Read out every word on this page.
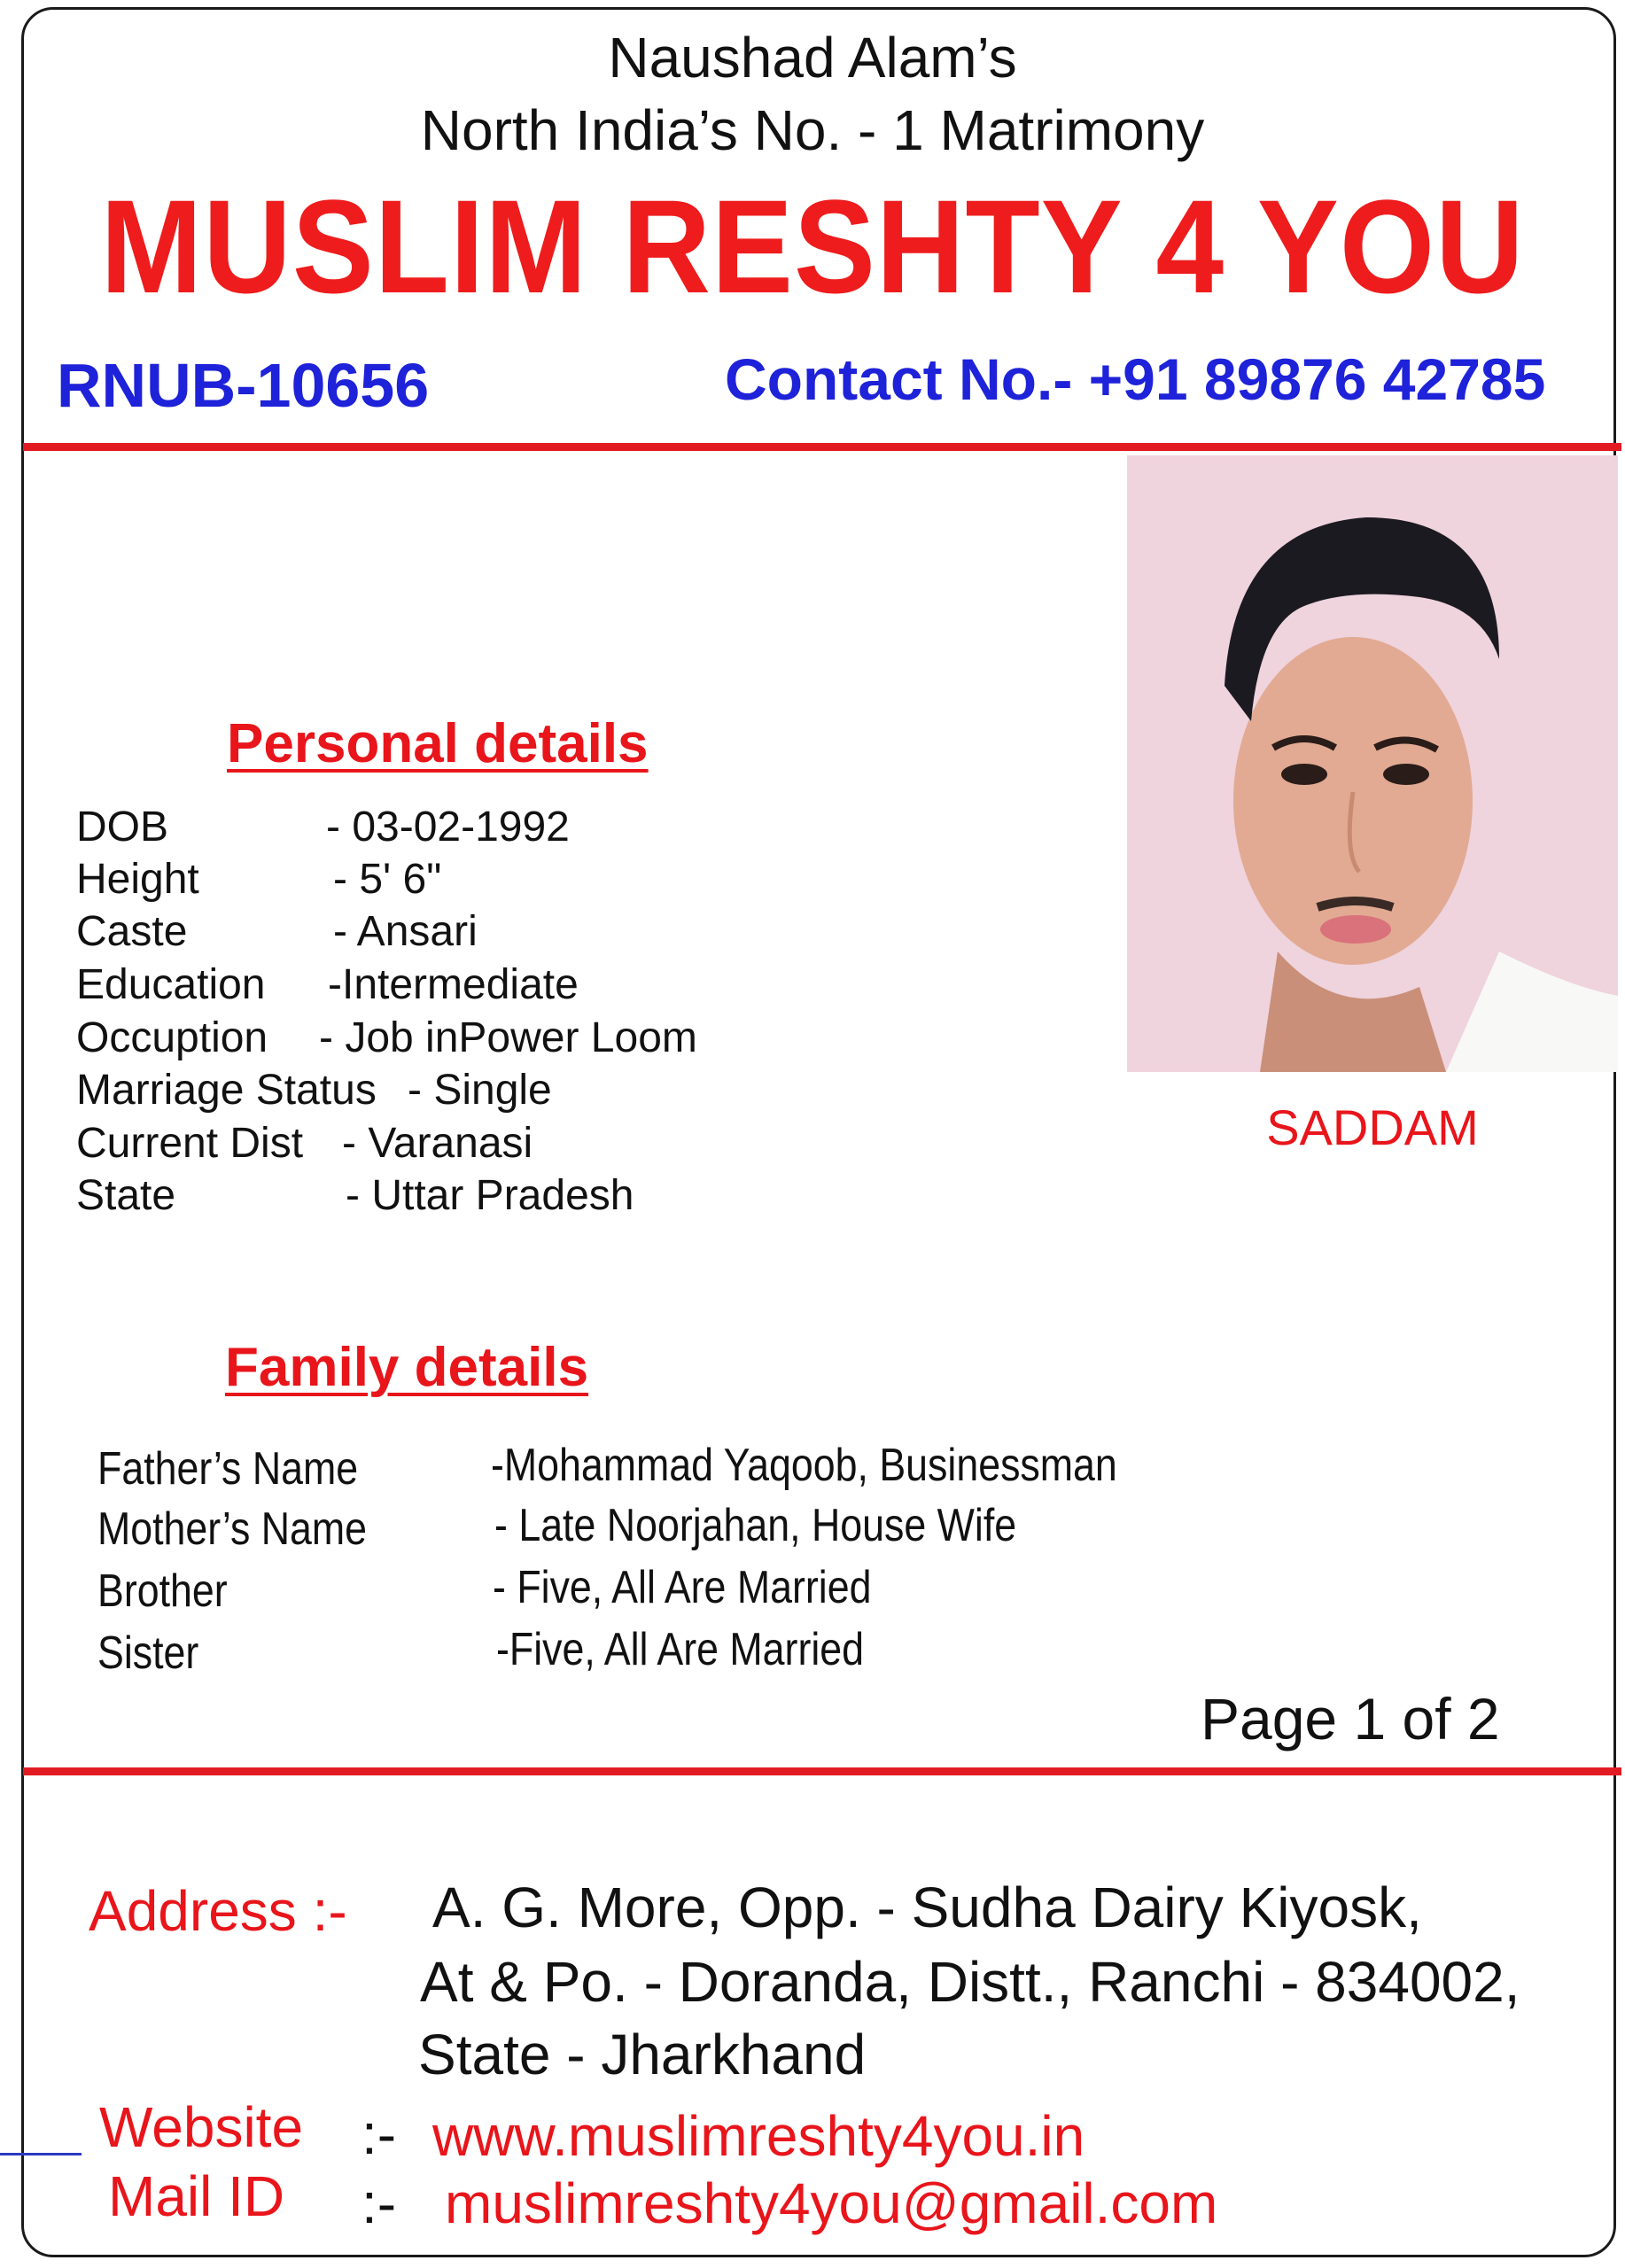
Naushad Alam’s
North India’s No. - 1 Matrimony
MUSLIM RESHTY 4 YOU
RNUB-10656	Contact No.- +91 89876 42785
SADDAM
Personal details
DOB	- 03-02-1992
Height	- 5' 6"
Caste	- Ansari
Education -Intermediate
Occuption - Job inPower Loom
Marriage Status - Single
Current Dist - Varanasi
State	- Uttar Pradesh
Family details
Father’s Name	-Mohammad Yaqoob, Businessman
Mother’s Name	- Late Noorjahan, House Wife
Brother	- Five, All Are Married
Sister	-Five, All Are Married
Page 1 of 2
Address :- A. G. More, Opp. - Sudha Dairy Kiyosk,
At & Po. - Doranda, Distt., Ranchi - 834002,
State - Jharkhand
Website :- www.muslimreshty4you.in
Mail ID :- muslimreshty4you@gmail.com
